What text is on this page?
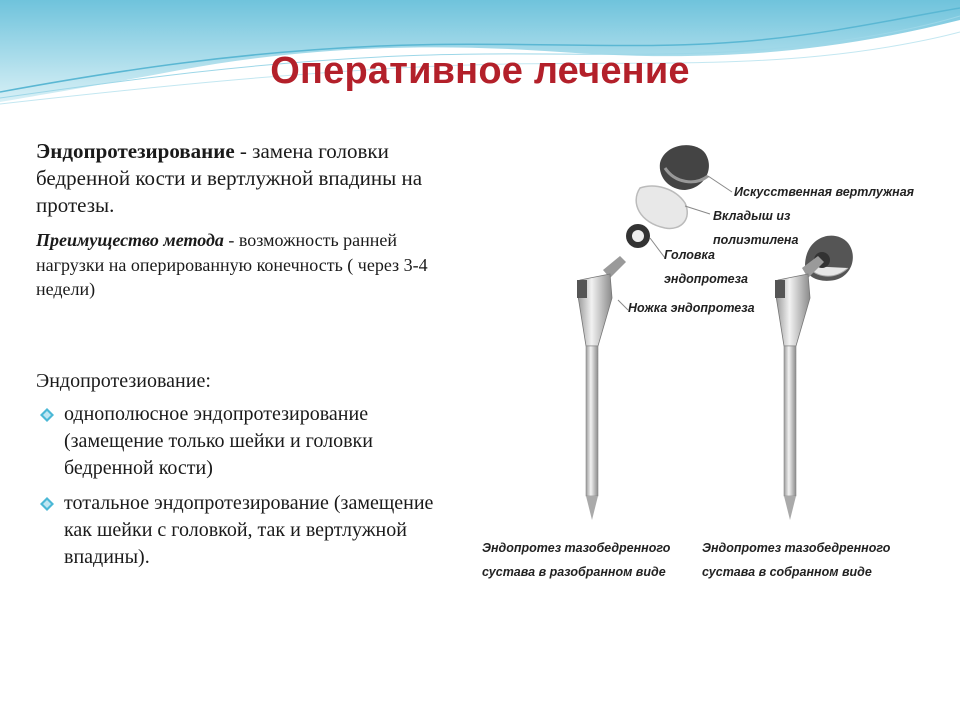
Оперативное лечение
Эндопротезирование - замена головки бедренной кости и вертлужной впадины на протезы.
Преимущество метода - возможность ранней нагрузки на оперированную конечность ( через 3-4 недели)
Эндопротезиование:
однополюсное эндопротезирование (замещение только шейки и головки бедренной кости)
тотальное эндопротезирование (замещение как шейки с головкой, так и вертлужной впадины).
Искусственная вертлужная
Вкладыш из
полиэтилена
Головка
эндопротеза
Ножка эндопротеза
Эндопротез тазобедренного
сустава в разобранном виде
Эндопротез тазобедренного
сустава в собранном виде
